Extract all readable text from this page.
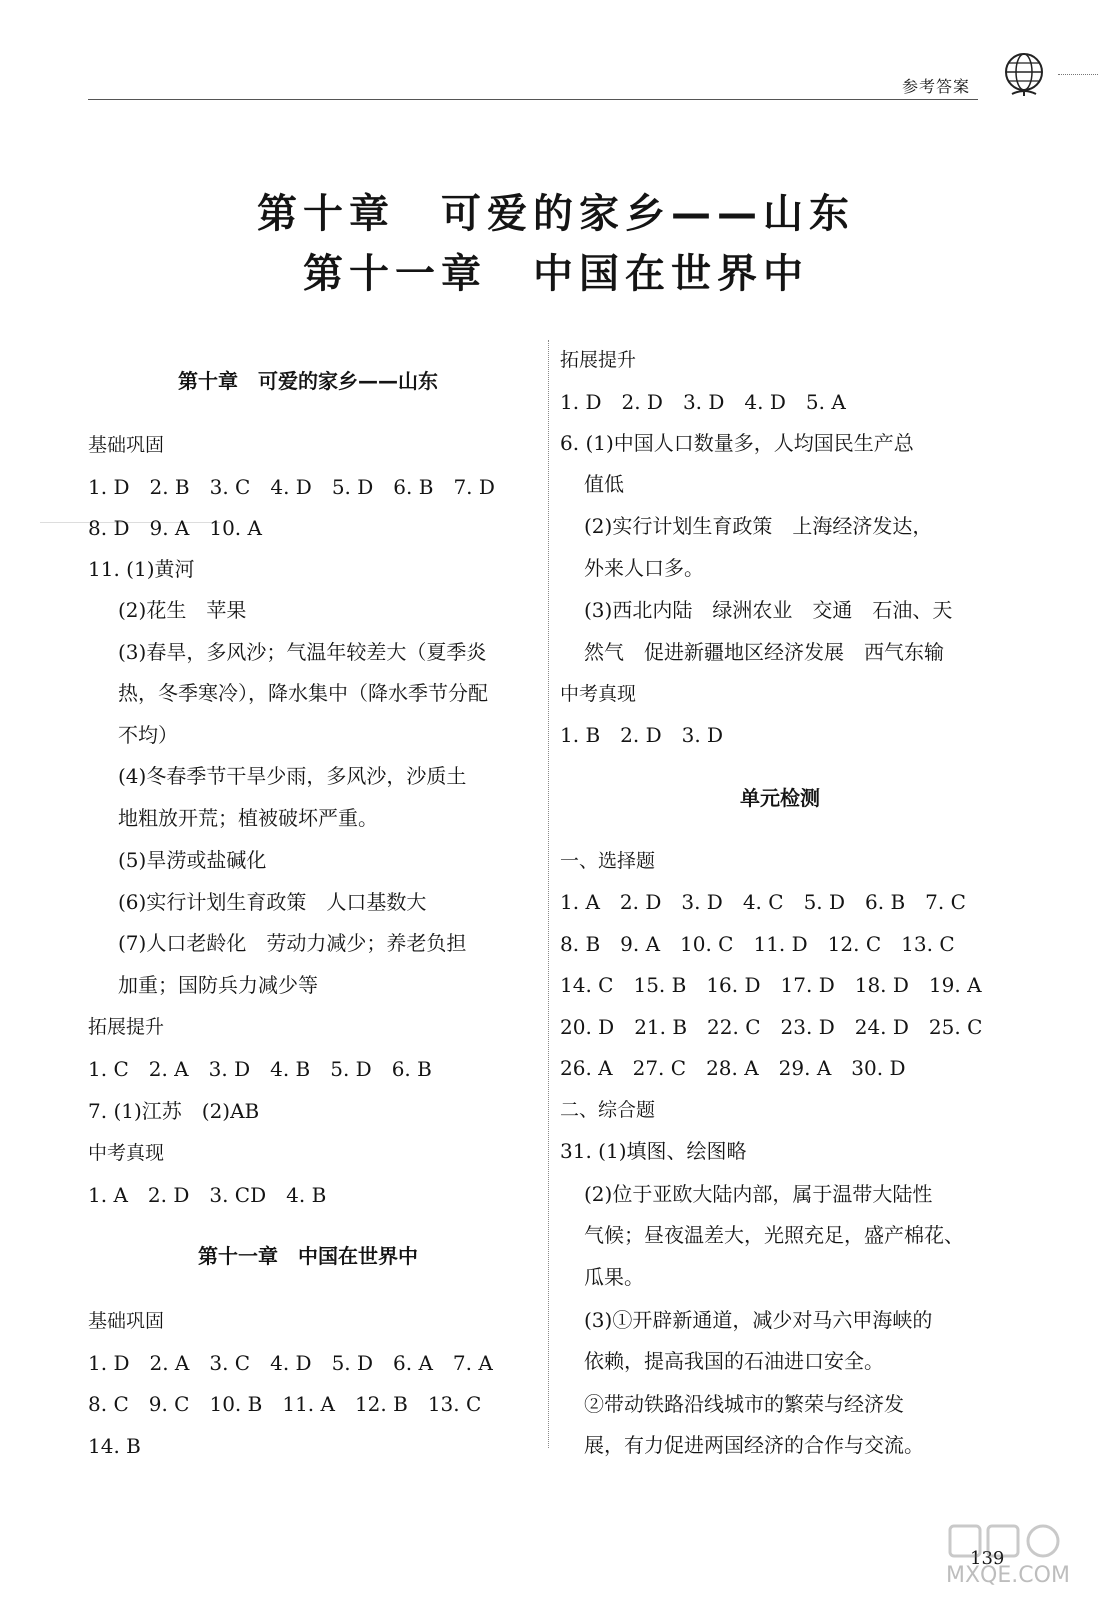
参考答案
第十章　可爱的家乡——山东
第十一章　中国在世界中
第十章　可爱的家乡——山东
基础巩固
1. D　2. B　3. C　4. D　5. D　6. B　7. D
8. D　9. A　10. A
11. (1)黄河
(2)花生　苹果
(3)春旱，多风沙；气温年较差大（夏季炎
热，冬季寒冷），降水集中（降水季节分配
不均）
(4)冬春季节干旱少雨，多风沙，沙质土
地粗放开荒；植被破坏严重。
(5)旱涝或盐碱化
(6)实行计划生育政策　人口基数大
(7)人口老龄化　劳动力减少；养老负担
加重；国防兵力减少等
拓展提升
1. C　2. A　3. D　4. B　5. D　6. B
7. (1)江苏　(2)AB
中考真现
1. A　2. D　3. CD　4. B
第十一章　中国在世界中
基础巩固
1. D　2. A　3. C　4. D　5. D　6. A　7. A
8. C　9. C　10. B　11. A　12. B　13. C
14. B
拓展提升
1. D　2. D　3. D　4. D　5. A
6. (1)中国人口数量多，人均国民生产总
值低
(2)实行计划生育政策　上海经济发达，
外来人口多。
(3)西北内陆　绿洲农业　交通　石油、天
然气　促进新疆地区经济发展　西气东输
中考真现
1. B　2. D　3. D
单元检测
一、选择题
1. A　2. D　3. D　4. C　5. D　6. B　7. C
8. B　9. A　10. C　11. D　12. C　13. C
14. C　15. B　16. D　17. D　18. D　19. A
20. D　21. B　22. C　23. D　24. D　25. C
26. A　27. C　28. A　29. A　30. D
二、综合题
31. (1)填图、绘图略
(2)位于亚欧大陆内部，属于温带大陆性
气候；昼夜温差大，光照充足，盛产棉花、
瓜果。
(3)①开辟新通道，减少对马六甲海峡的
依赖，提高我国的石油进口安全。
②带动铁路沿线城市的繁荣与经济发
展，有力促进两国经济的合作与交流。
139
MXQE.COM
